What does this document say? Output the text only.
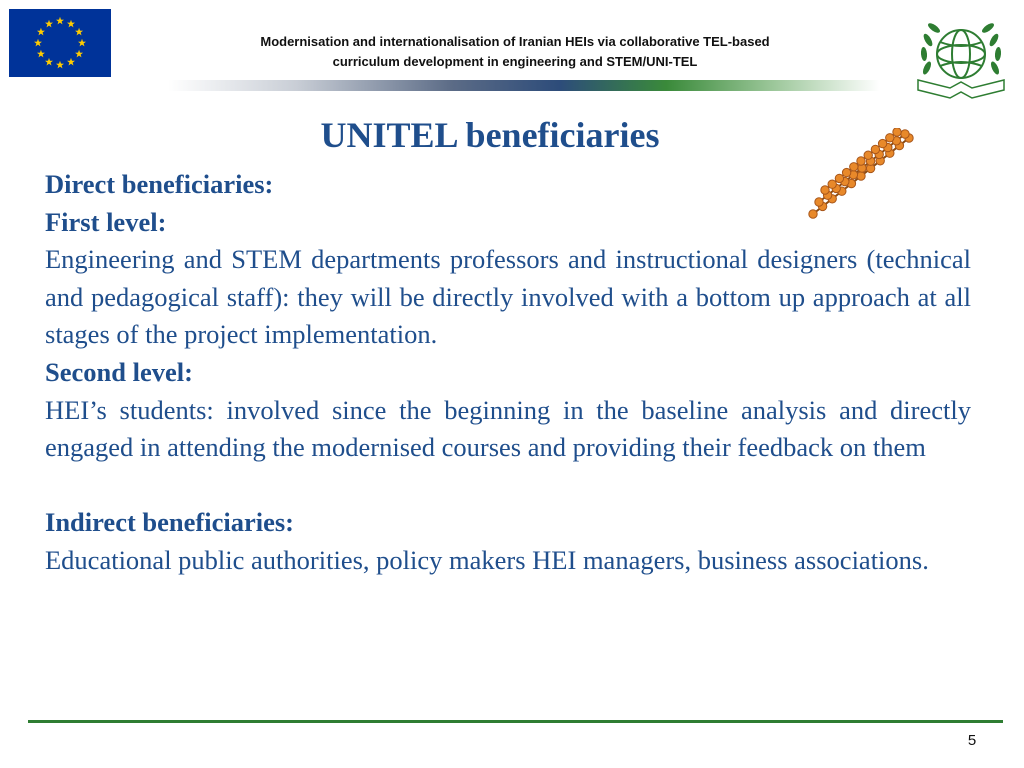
Modernisation and internationalisation of Iranian HEIs via collaborative TEL-based
curriculum development in engineering and STEM/UNI-TEL
UNITEL beneficiaries

Direct beneficiaries:

First level:

Engineering and STEM departments professors and instructional designers (technical and pedagogical staff): they will be directly involved with a bottom up approach at all stages of the project implementation.

Second level:

HEI’s students: involved since the beginning in the baseline analysis and directly engaged in attending the modernised courses and providing their feedback on them

Indirect beneficiaries:

Educational public authorities, policy makers HEI managers, business associations.

5
